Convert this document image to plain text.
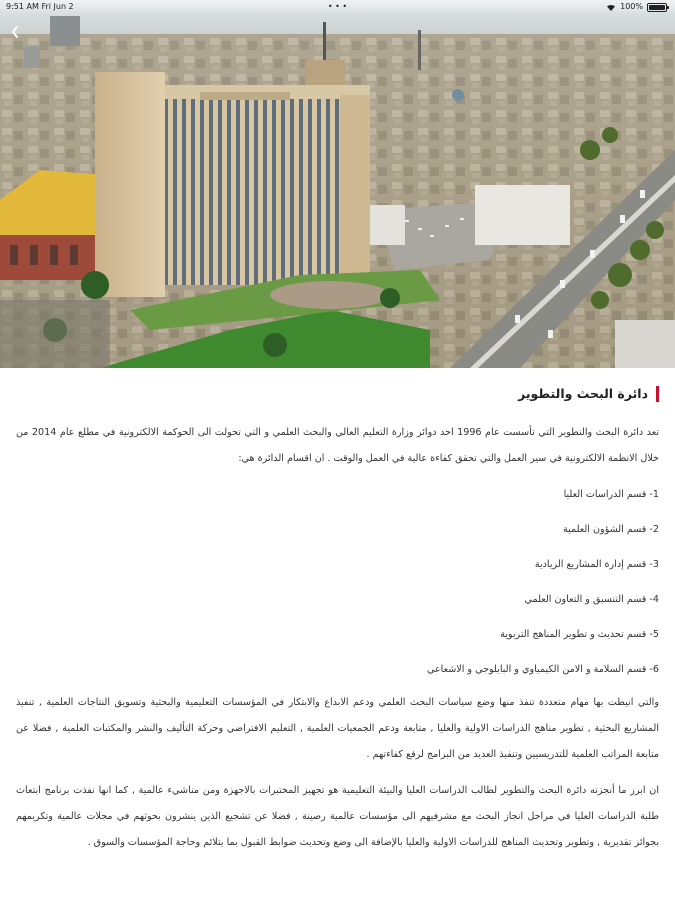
9:51 AM Fri Jun 2	• • •	100%
دائرة البحث والتطوير
تعد دائرة البحث والتطوير التي تأسست عام 1996 احد دوائر وزارة التعليم العالي والبحث العلمي و التي تحولت الى الحوكمة الالكترونية في مطلع عام 2014 من خلال الانظمة الالكترونية في سير العمل والتي تحقق كفاءة عالية في العمل والوقت . ان اقسام الدائرة هي:
1- قسم الدراسات العليا
2- قسم الشؤون العلمية
3- قسم إدارة المشاريع الريادية
4- قسم التنسيق و التعاون العلمي
5- قسم تحديث و تطوير المناهج التربوية
6- قسم السلامة و الامن الكيمياوي و البايلوجي و الاشعاعي
والتي انيطت بها مهام متعددة تنفذ منها وضع سياسات البحث العلمي ودعم الابداع والابتكار في المؤسسات التعليمية والبحثية وتسويق النتاجات العلمية , تنفيذ المشاريع البحثية , تطوير مناهج الدراسات الاولية والعليا , متابعة ودعم الجمعيات العلمية , التعليم الافتراضي وحركة التأليف والنشر والمكتبات العلمية , فضلا عن متابعة المراتب العلمية للتدريسيين وتنفيذ العديد من البرامج لرفع كفاءتهم .
ان ابرز ما أنجزته دائرة البحث والتطوير لطالب الدراسات العليا والبيئة التعليمية هو تجهيز المختبرات بالاجهزة ومن مناشيء عالمية , كما انها نفذت برنامج ابتعاث طلبة الدراسات العليا في مراحل انجاز البحث مع مشرفيهم الى مؤسسات عالمية رصينة , فضلا عن تشجيع الذين ينشرون بحوثهم في مجلات عالمية وتكريمهم بجوائز تقديرية , وتطوير وتحديث المناهج للدراسات الاولية والعليا بالإضافة الى وضع وتحديث ضوابط القبول بما يتلائم وحاجة المؤسسات والسوق .
